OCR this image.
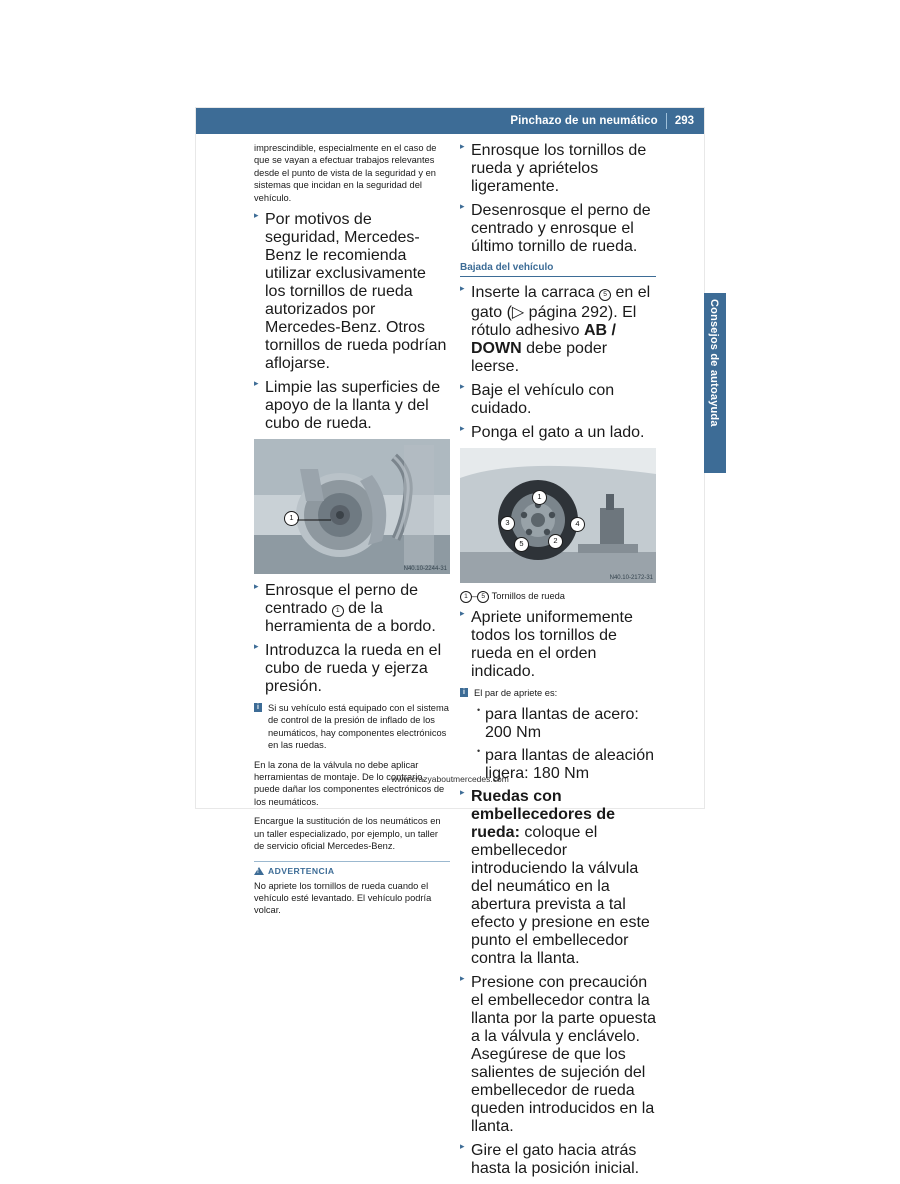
Pinchazo de un neumático	293
Consejos de autoayuda

imprescindible, especialmente en el caso de que se vayan a efectuar trabajos relevantes desde el punto de vista de la seguridad y en sistemas que incidan en la seguridad del vehículo.

▸ Por motivos de seguridad, Mercedes-Benz le recomienda utilizar exclusivamente los tornillos de rueda autorizados por Mercedes-Benz. Otros tornillos de rueda podrían aflojarse.
▸ Limpie las superficies de apoyo de la llanta y del cubo de rueda.
1
N40.10-2244-31
▸ Enrosque el perno de centrado 1 de la herramienta de a bordo.
▸ Introduzca la rueda en el cubo de rueda y ejerza presión.
i Si su vehículo está equipado con el sistema de control de la presión de inflado de los neumáticos, hay componentes electrónicos en las ruedas.

En la zona de la válvula no debe aplicar herramientas de montaje. De lo contrario, puede dañar los componentes electrónicos de los neumáticos.

Encargue la sustitución de los neumáticos en un taller especializado, por ejemplo, un taller de servicio oficial Mercedes-Benz.

!
ADVERTENCIA

No apriete los tornillos de rueda cuando el vehículo esté levantado. El vehículo podría volcar.

▸ Enrosque los tornillos de rueda y apriételos ligeramente.
▸ Desenrosque el perno de centrado y enrosque el último tornillo de rueda.
Bajada del vehículo
▸ Inserte la carraca 5 en el gato (▷ página 292). El rótulo adhesivo AB / DOWN debe poder leerse.
▸ Baje el vehículo con cuidado.
▸ Ponga el gato a un lado.
1
2
3	4
5
N40.10-2172-31
1 – 5 Tornillos de rueda
▸ Apriete uniformemente todos los tornillos de rueda en el orden indicado.
i El par de apriete es:

• para llantas de acero: 200 Nm
• para llantas de aleación ligera: 180 Nm
▸ Ruedas con embellecedores de rueda: coloque el embellecedor introduciendo la válvula del neumático en la abertura prevista a tal efecto y presione en este punto el embellecedor contra la llanta.
▸ Presione con precaución el embellecedor contra la llanta por la parte opuesta a la válvula y enclávelo. Asegúrese de que los salientes de sujeción del embellecedor de rueda queden introducidos en la llanta.
▸ Gire el gato hacia atrás hasta la posición inicial.
www.crazyaboutmercedes.com
